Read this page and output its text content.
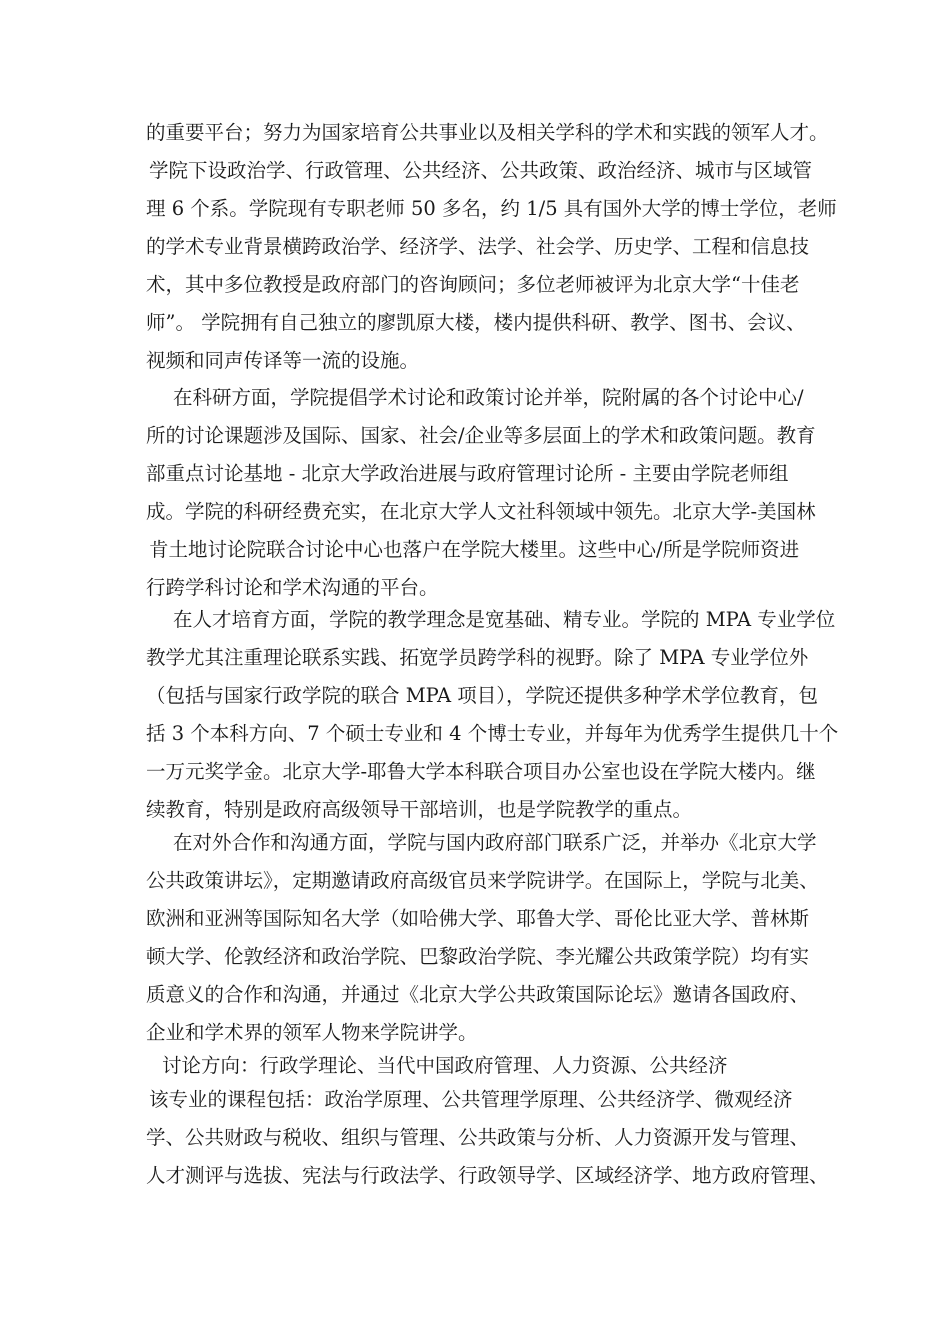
的重要平台；努力为国家培育公共事业以及相关学科的学术和实践的领军人才。
学院下设政治学、行政管理、公共经济、公共政策、政治经济、城市与区域管
理 6 个系。学院现有专职老师 50 多名，约 1/5 具有国外大学的博士学位，老师
的学术专业背景横跨政治学、经济学、法学、社会学、历史学、工程和信息技
术，其中多位教授是政府部门的咨询顾问；多位老师被评为北京大学“十佳老
师”。 学院拥有自己独立的廖凯原大楼，楼内提供科研、教学、图书、会议、
视频和同声传译等一流的设施。
在科研方面，学院提倡学术讨论和政策讨论并举，院附属的各个讨论中心/
所的讨论课题涉及国际、国家、社会/企业等多层面上的学术和政策问题。教育
部重点讨论基地 - 北京大学政治进展与政府管理讨论所 - 主要由学院老师组
成。学院的科研经费充实，在北京大学人文社科领域中领先。北京大学-美国林
肯土地讨论院联合讨论中心也落户在学院大楼里。这些中心/所是学院师资进
行跨学科讨论和学术沟通的平台。
在人才培育方面，学院的教学理念是宽基础、精专业。学院的 MPA 专业学位
教学尤其注重理论联系实践、拓宽学员跨学科的视野。除了 MPA 专业学位外
（包括与国家行政学院的联合 MPA 项目），学院还提供多种学术学位教育，包
括 3 个本科方向、7 个硕士专业和 4 个博士专业，并每年为优秀学生提供几十个
一万元奖学金。北京大学-耶鲁大学本科联合项目办公室也设在学院大楼内。继
续教育，特别是政府高级领导干部培训，也是学院教学的重点。
在对外合作和沟通方面，学院与国内政府部门联系广泛，并举办《北京大学
公共政策讲坛》，定期邀请政府高级官员来学院讲学。在国际上，学院与北美、
欧洲和亚洲等国际知名大学（如哈佛大学、耶鲁大学、哥伦比亚大学、普林斯
顿大学、伦敦经济和政治学院、巴黎政治学院、李光耀公共政策学院）均有实
质意义的合作和沟通，并通过《北京大学公共政策国际论坛》邀请各国政府、
企业和学术界的领军人物来学院讲学。
讨论方向：行政学理论、当代中国政府管理、人力资源、公共经济
该专业的课程包括：政治学原理、公共管理学原理、公共经济学、微观经济
学、公共财政与税收、组织与管理、公共政策与分析、人力资源开发与管理、
人才测评与选拔、宪法与行政法学、行政领导学、区域经济学、地方政府管理、
